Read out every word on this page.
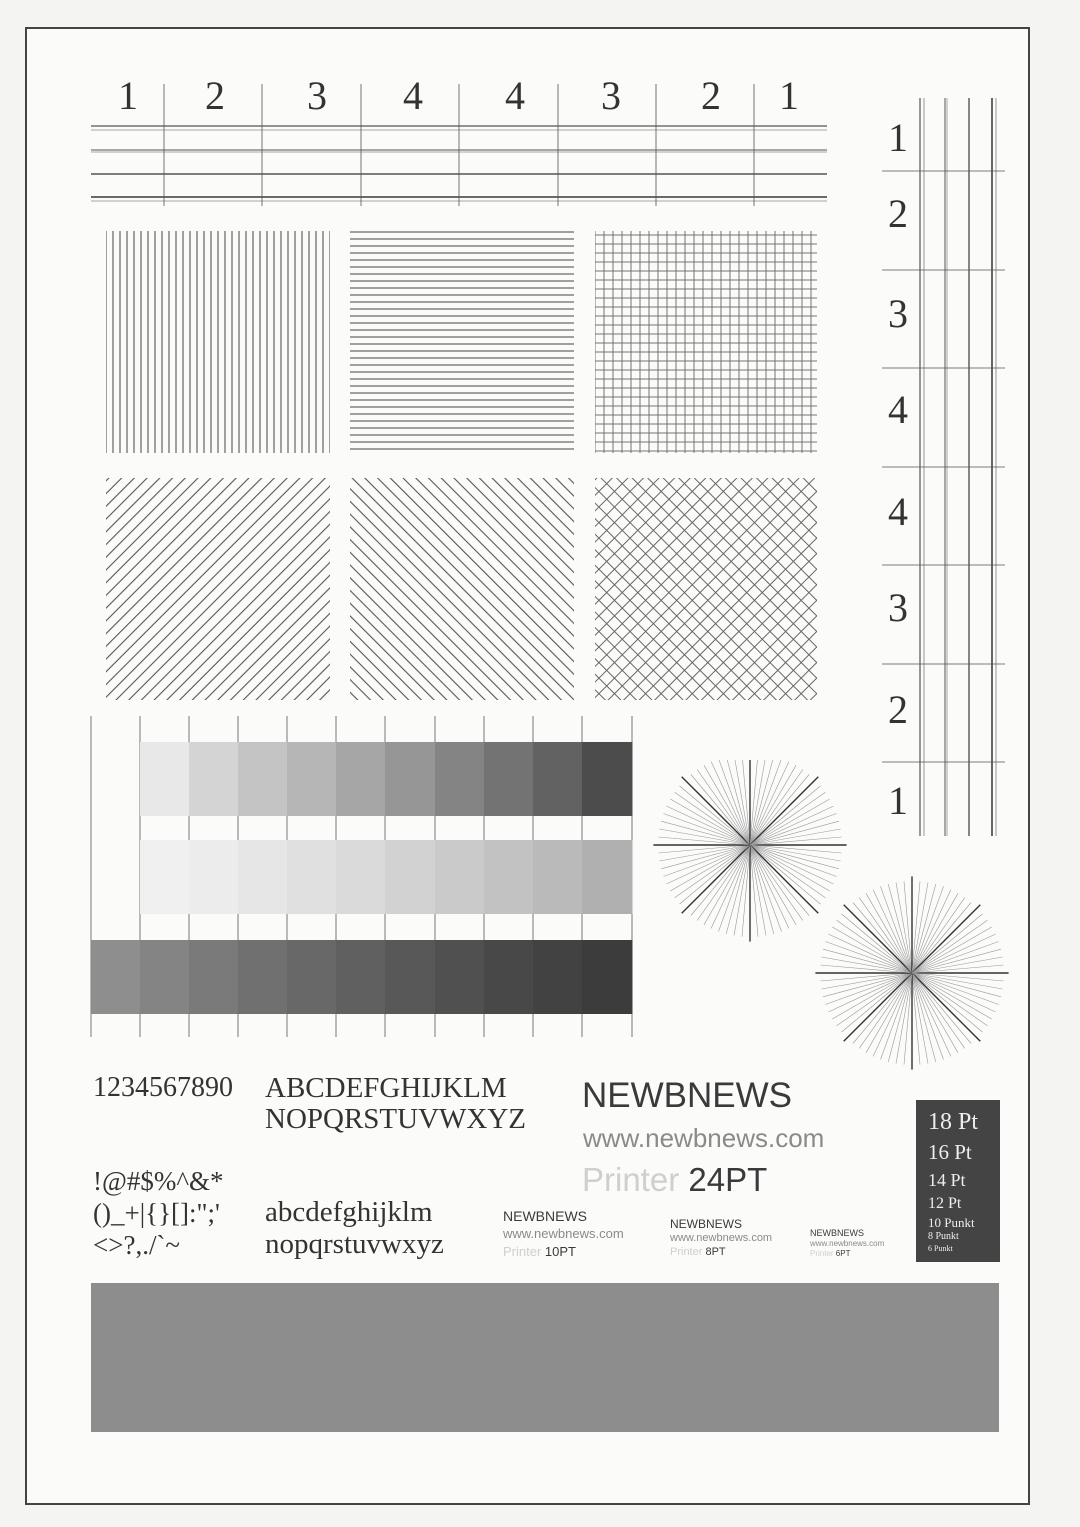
1 2 3 4 4 3 2 1
1
2
3
4
4
3
2
1
1234567890
!@#$%^&*
()_+|{}[]:";'
<>?,./`~
ABCDEFGHIJKLM
NOPQRSTUVWXYZ
abcdefghijklm
nopqrstuvwxyz
NEWBNEWS
www.newbnews.com
Printer 24PT
NEWBNEWS
www.newbnews.com
Printer 10PT
NEWBNEWS
www.newbnews.com
Printer 8PT
NEWBNEWS
www.newbnews.com
Printer 6PT
18 Pt
16 Pt
14 Pt
12 Pt
10 Punkt
8 Punkt
6 Punkt
